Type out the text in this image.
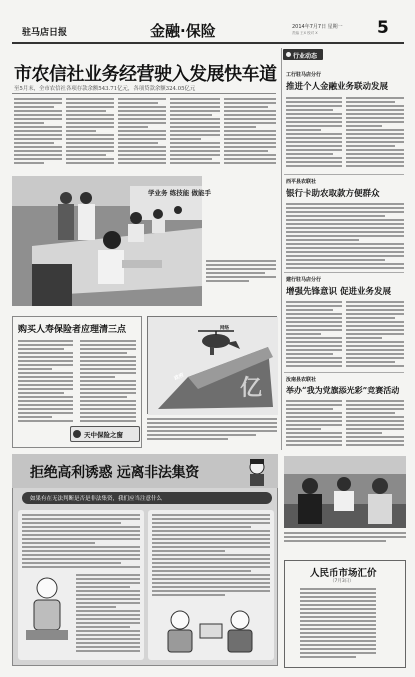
驻马店日报	金融·保险	2014年7月7日 星期一
责编 王X 校对 X	5
市农信社业务经营驶入发展快车道
至5月末，全市农信社各项存款余额543.71亿元，各项贷款余额324.05亿元
学业务 练技能 做能手
购买人寿保险者应理清三点
天中保险之窗
亿
政府
网络
行业动态
工行驻马店分行
推进个人金融业务联动发展
西平县农联社
银行卡助农取款方便群众
建行驻马店分行
增强先锋意识 促进业务发展
汝南县农联社
举办“我为党旗添光彩”竞赛活动
拒绝高利诱惑 远离非法集资
如果有在无法判断是否是非法集资，我们应当注意什么
人民币市场汇价
（7月3日）
